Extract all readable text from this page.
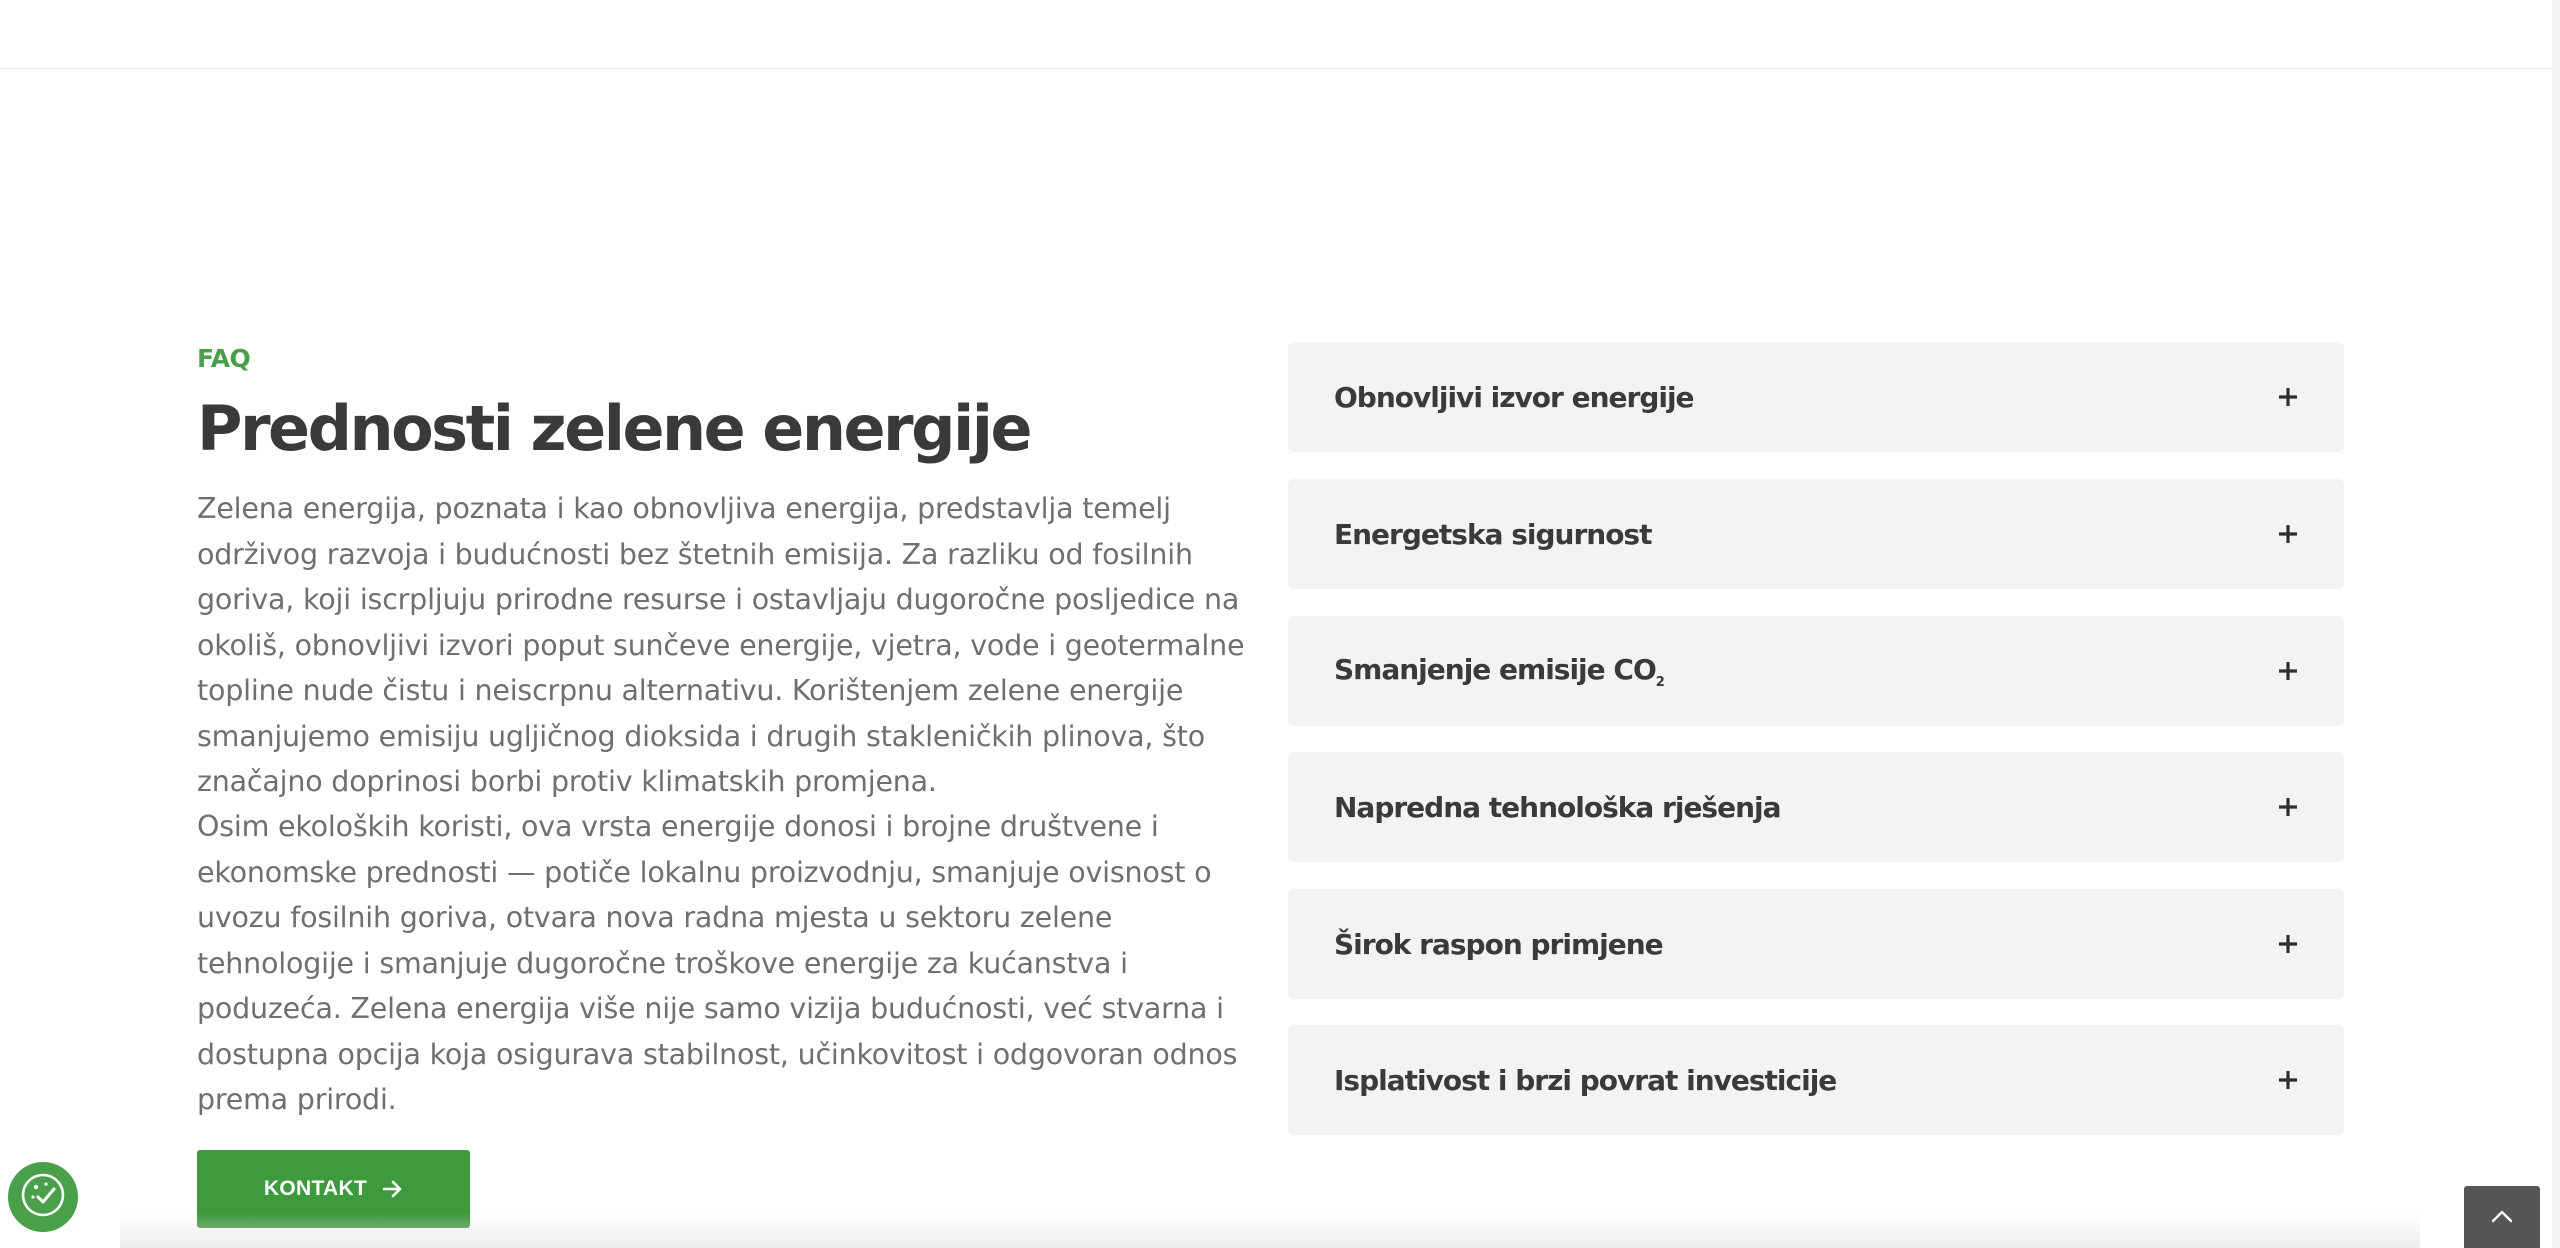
FAQ
Prednosti zelene energije

Zelena energija, poznata i kao obnovljiva energija, predstavlja temelj održivog razvoja i budućnosti bez štetnih emisija. Za razliku od fosilnih goriva, koji iscrpljuju prirodne resurse i ostavljaju dugoročne posljedice na okoliš, obnovljivi izvori poput sunčeve energije, vjetra, vode i geotermalne topline nude čistu i neiscrpnu alternativu. Korištenjem zelene energije smanjujemo emisiju ugljičnog dioksida i drugih stakleničkih plinova, što značajno doprinosi borbi protiv klimatskih promjena.

Osim ekoloških koristi, ova vrsta energije donosi i brojne društvene i ekonomske prednosti — potiče lokalnu proizvodnju, smanjuje ovisnost o uvozu fosilnih goriva, otvara nova radna mjesta u sektoru zelene tehnologije i smanjuje dugoročne troškove energije za kućanstva i poduzeća. Zelena energija više nije samo vizija budućnosti, već stvarna i dostupna opcija koja osigurava stabilnost, učinkovitost i odgovoran odnos prema prirodi.

KONTAKT
Obnovljivi izvor energije
Energetska sigurnost
Smanjenje emisije $CO_2$
Napredna tehnološka rješenja
Širok raspon primjene
Isplativost i brzi povrat investicije
